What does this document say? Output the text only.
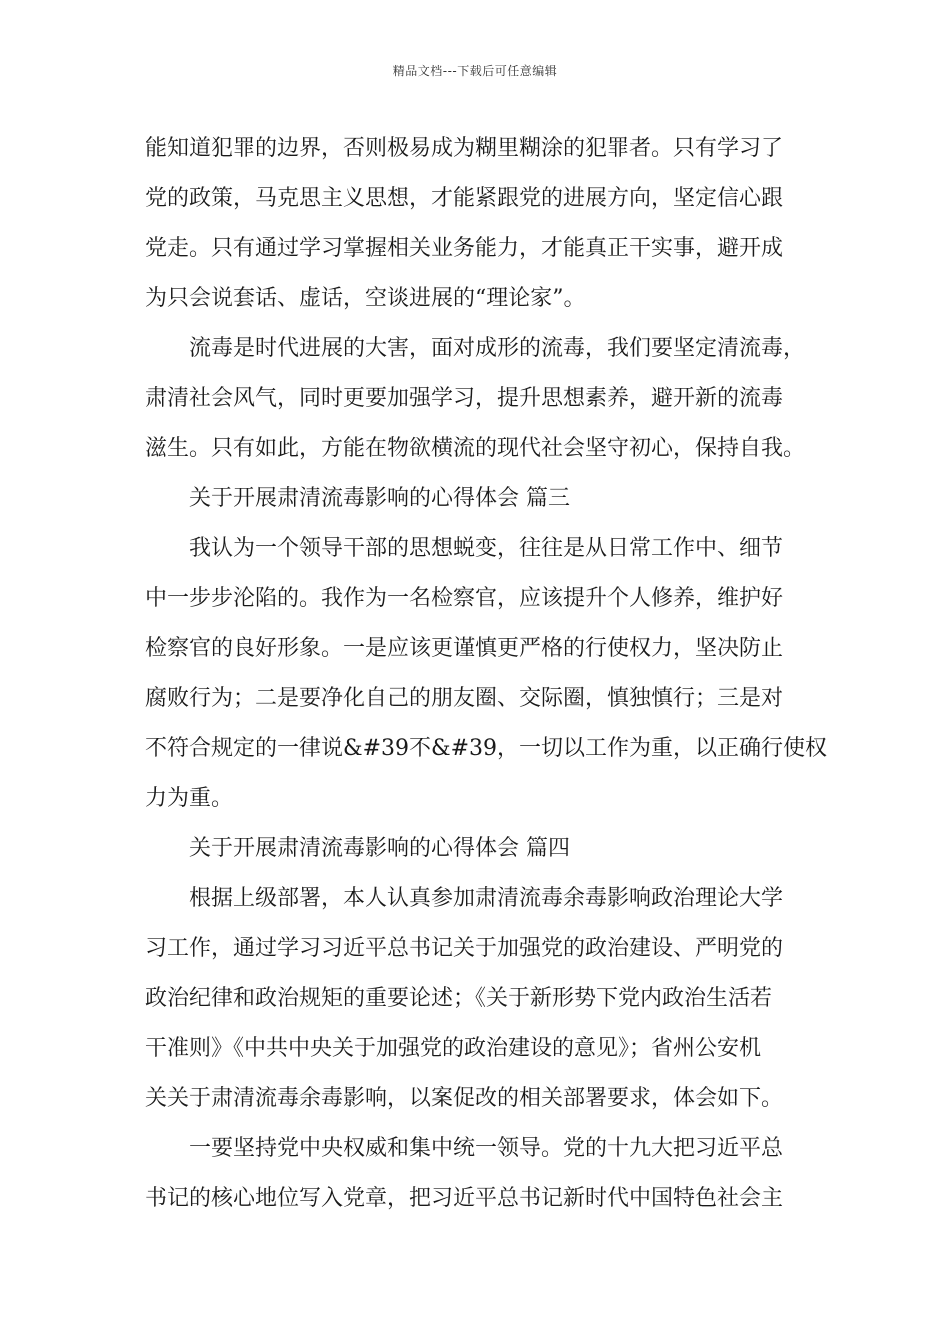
精品文档---下载后可任意编辑
能知道犯罪的边界，否则极易成为糊里糊涂的犯罪者。只有学习了
党的政策，马克思主义思想，才能紧跟党的进展方向，坚定信心跟
党走。只有通过学习掌握相关业务能力，才能真正干实事，避开成
为只会说套话、虚话，空谈进展的“理论家”。
流毒是时代进展的大害，面对成形的流毒，我们要坚定清流毒，
肃清社会风气，同时更要加强学习，提升思想素养，避开新的流毒
滋生。只有如此，方能在物欲横流的现代社会坚守初心，保持自我。
关于开展肃清流毒影响的心得体会 篇三
我认为一个领导干部的思想蜕变，往往是从日常工作中、细节
中一步步沦陷的。我作为一名检察官，应该提升个人修养，维护好
检察官的良好形象。一是应该更谨慎更严格的行使权力，坚决防止
腐败行为；二是要净化自己的朋友圈、交际圈，慎独慎行；三是对
不符合规定的一律说&#39不&#39，一切以工作为重，以正确行使权
力为重。
关于开展肃清流毒影响的心得体会 篇四
根据上级部署，本人认真参加肃清流毒余毒影响政治理论大学
习工作，通过学习习近平总书记关于加强党的政治建设、严明党的
政治纪律和政治规矩的重要论述；《关于新形势下党内政治生活若
干准则》《中共中央关于加强党的政治建设的意见》；省州公安机
关关于肃清流毒余毒影响，以案促改的相关部署要求，体会如下。
一要坚持党中央权威和集中统一领导。党的十九大把习近平总
书记的核心地位写入党章，把习近平总书记新时代中国特色社会主
